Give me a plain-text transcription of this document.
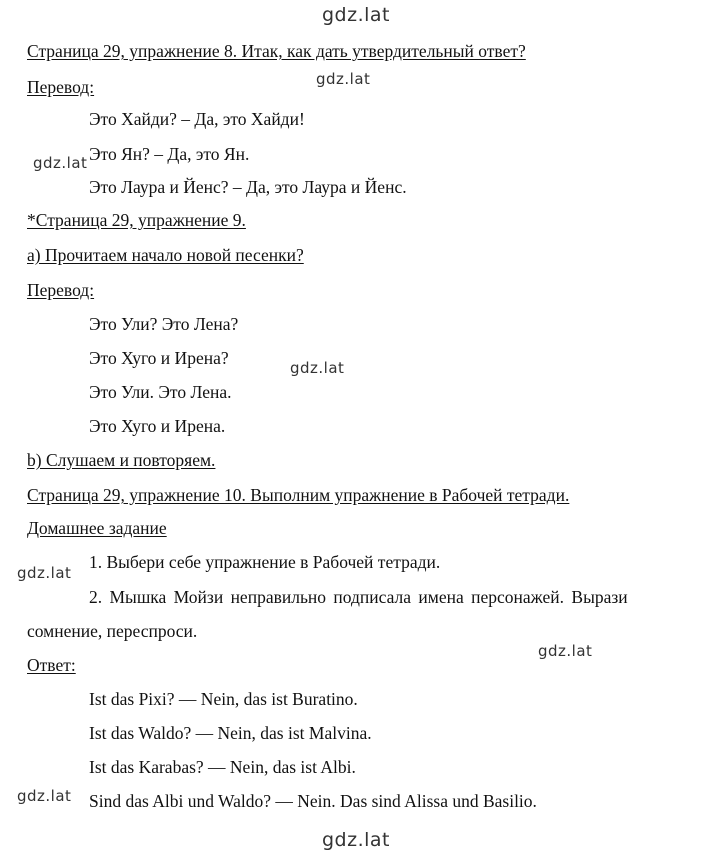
gdz.lat
gdz.lat
gdz.lat
gdz.lat
gdz.lat
gdz.lat
gdz.lat
gdz.lat
Страница 29, упражнение 8. Итак, как дать утвердительный ответ?
Перевод:
Это Хайди? – Да, это Хайди!
Это Ян? – Да, это Ян.
Это Лаура и Йенс? – Да, это Лаура и Йенс.
*Страница 29, упражнение 9.
а) Прочитаем начало новой песенки?
Перевод:
Это Ули? Это Лена?
Это Хуго и Ирена?
Это Ули. Это Лена.
Это Хуго и Ирена.
b) Слушаем и повторяем.
Страница 29, упражнение 10. Выполним упражнение в Рабочей тетради.
Домашнее задание
1. Выбери себе упражнение в Рабочей тетради.
2. Мышка Мойзи неправильно подписала имена персонажей. Вырази
сомнение, переспроси.
Ответ:
Ist das Pixi? — Nein, das ist Buratino.
Ist das Waldo? — Nein, das ist Malvina.
Ist das Karabas? — Nein, das ist Albi.
Sind das Albi und Waldo? — Nein. Das sind Alissa und Basilio.
